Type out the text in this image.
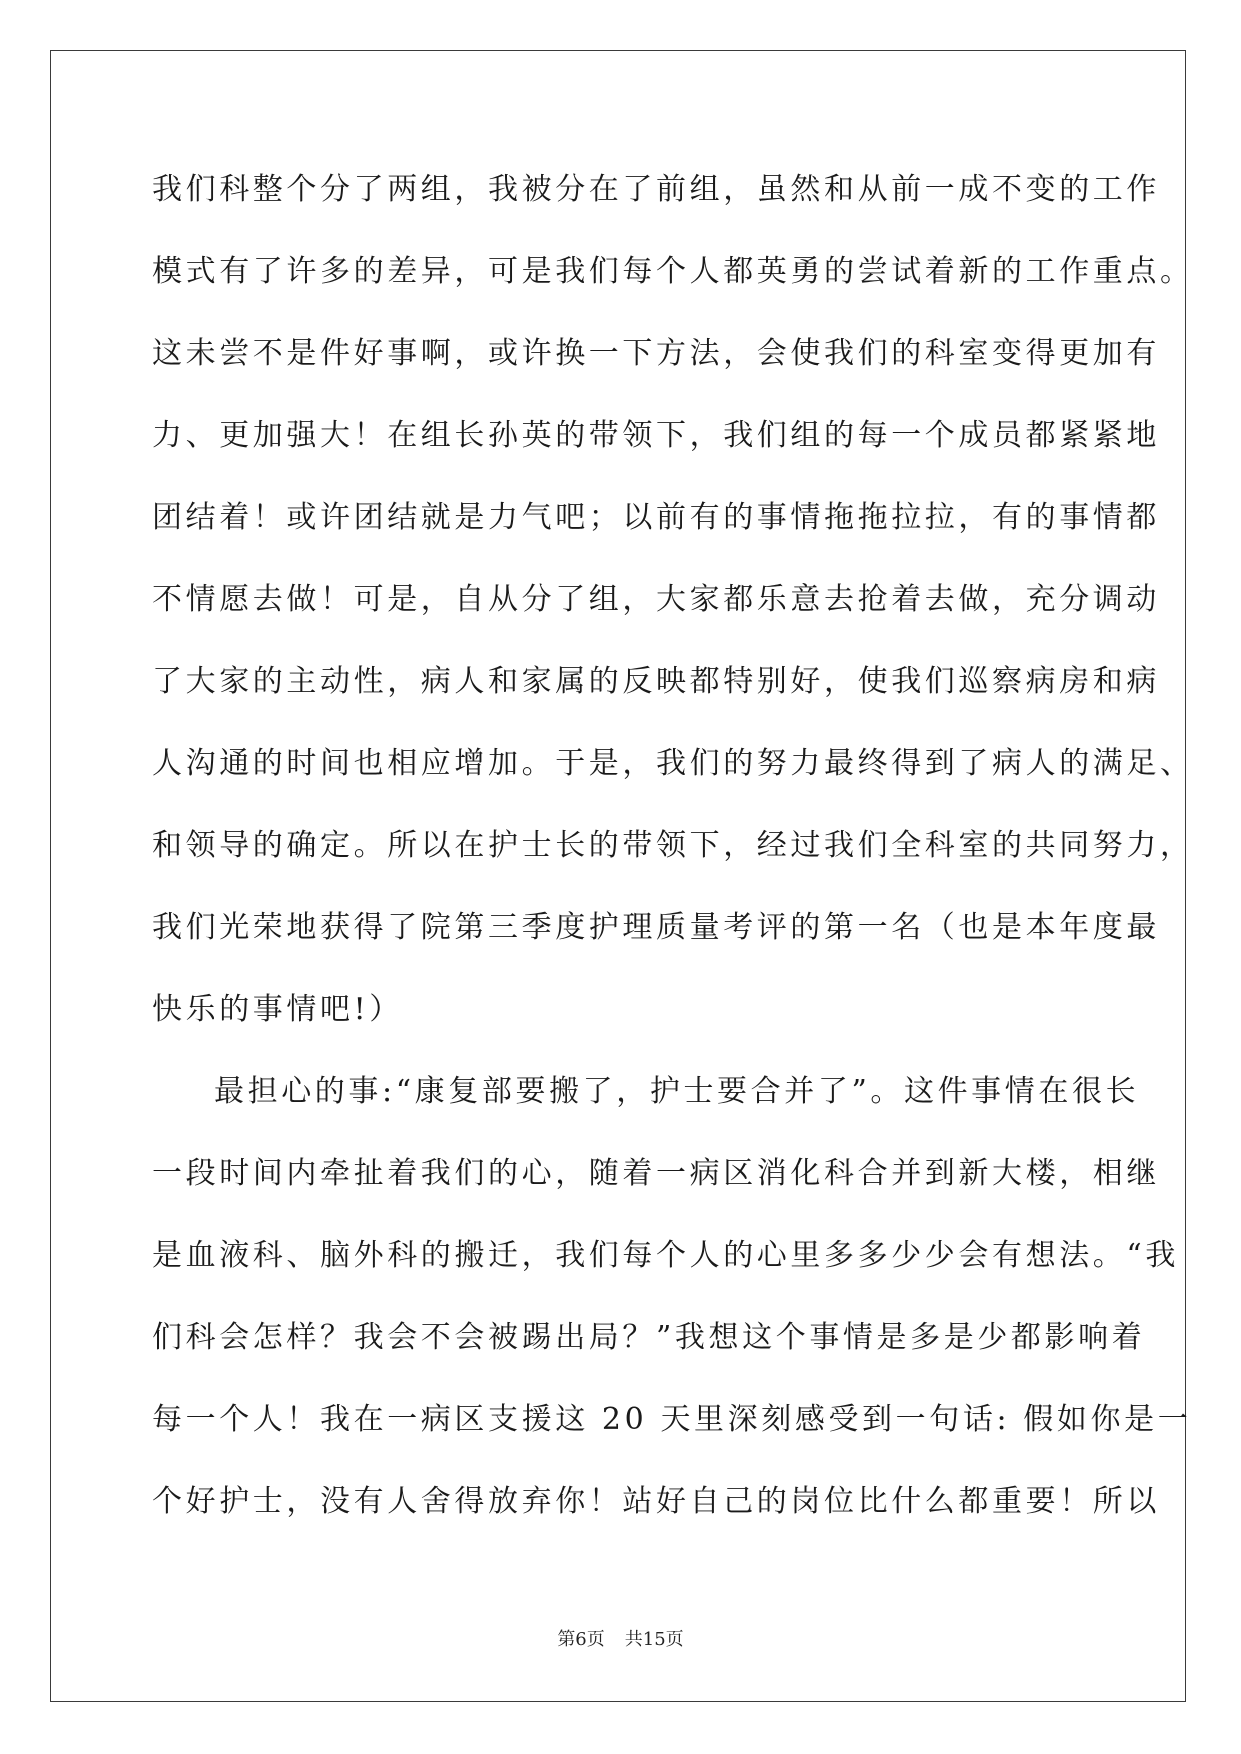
我们科整个分了两组，我被分在了前组，虽然和从前一成不变的工作
模式有了许多的差异，可是我们每个人都英勇的尝试着新的工作重点。
这未尝不是件好事啊，或许换一下方法，会使我们的科室变得更加有
力、更加强大！在组长孙英的带领下，我们组的每一个成员都紧紧地
团结着！或许团结就是力气吧；以前有的事情拖拖拉拉，有的事情都
不情愿去做！可是，自从分了组，大家都乐意去抢着去做，充分调动
了大家的主动性，病人和家属的反映都特别好，使我们巡察病房和病
人沟通的时间也相应增加。于是，我们的努力最终得到了病人的满足、
和领导的确定。所以在护士长的带领下，经过我们全科室的共同努力，
我们光荣地获得了院第三季度护理质量考评的第一名（也是本年度最
快乐的事情吧!）
最担心的事:“康复部要搬了，护士要合并了”。这件事情在很长
一段时间内牵扯着我们的心，随着一病区消化科合并到新大楼，相继
是血液科、脑外科的搬迁，我们每个人的心里多多少少会有想法。“我
们科会怎样？我会不会被踢出局？”我想这个事情是多是少都影响着
每一个人！我在一病区支援这 20 天里深刻感受到一句话: 假如你是一
个好护士，没有人舍得放弃你！站好自己的岗位比什么都重要！所以
第6页 共15页
